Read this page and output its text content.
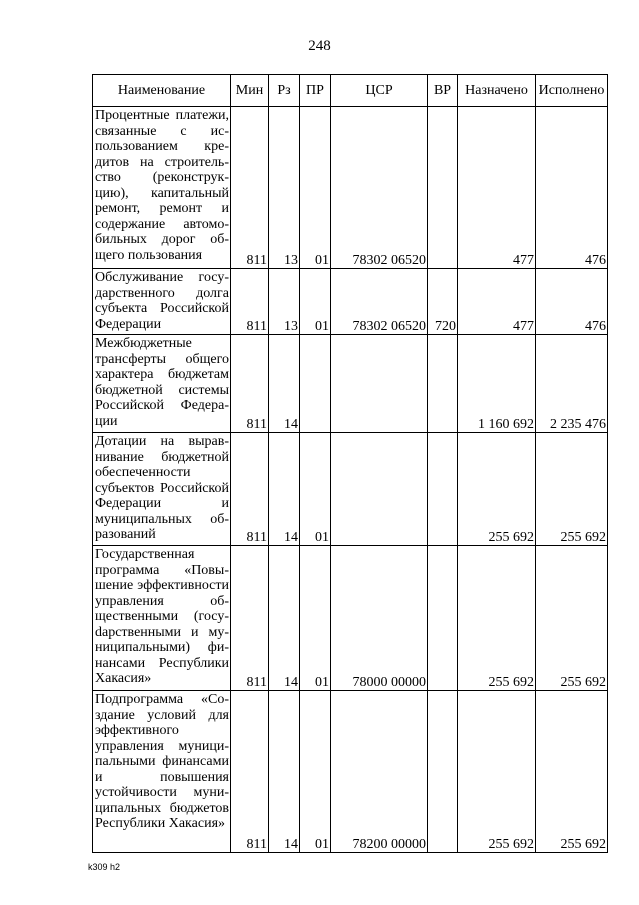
248
Наименование	Мин	Рз	ПР	ЦСР	ВР	Назначено	Исполнено
Процентные платежи, связанные с использованием кредитов на строительство (реконструкцию), капитальный ремонт, ремонт и содержание автомобильных дорог общего пользования	811	13	01	78302 06520		477	476
Обслуживание государственного долга субъекта Российской Федерации	811	13	01	78302 06520	720	477	476
Межбюджетные трансферты общего характера бюджетам бюджетной системы Российской Федерации	811	14				1 160 692	2 235 476
Дотации на выравнивание бюджетной обеспеченности субъектов Российской Федерации и муниципальных образований	811	14	01			255 692	255 692
Государственная программа «Повышение эффективности управления общественными (госуdарственными и муниципальными) финансами Республики Хакасия»	811	14	01	78000 00000		255 692	255 692
Подпрограмма «Создание условий для эффективного управления муниципальными финансами и повышения устойчивости муниципальных бюджетов Республики Хакасия»	811	14	01	78200 00000		255 692	255 692
k309 h2
